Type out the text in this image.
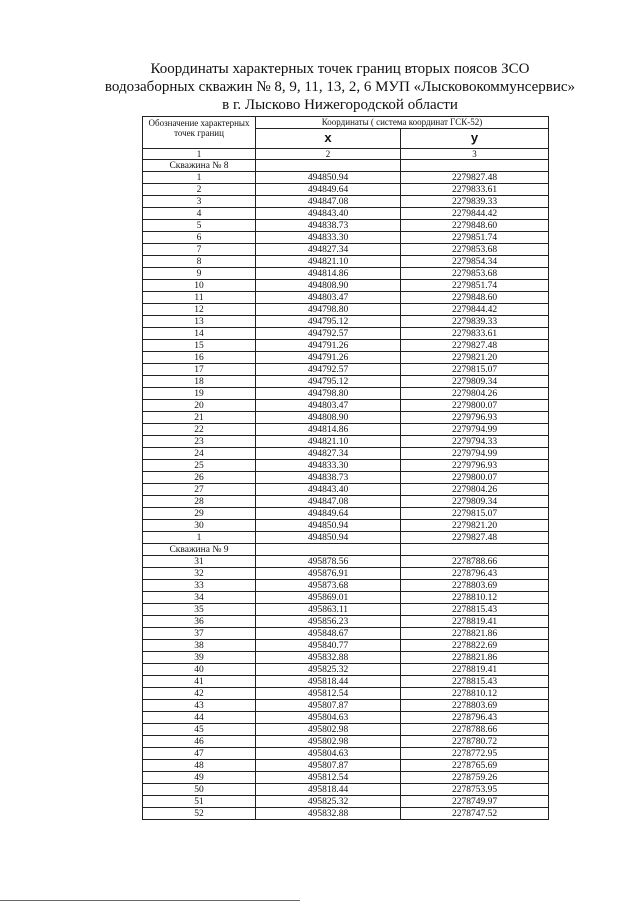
Координаты характерных точек границ вторых поясов ЗСО
водозаборных скважин № 8, 9, 11, 13, 2, 6 МУП «Лысковокоммунсервис»
в г. Лысково Нижегородской области
Обозначение характерных точек границ	Координаты ( система координат ГСК-52)	
	x	y
1	2	3
Скважина № 8		
1	494850.94	2279827.48
2	494849.64	2279833.61
3	494847.08	2279839.33
4	494843.40	2279844.42
5	494838.73	2279848.60
6	494833.30	2279851.74
7	494827.34	2279853.68
8	494821.10	2279854.34
9	494814.86	2279853.68
10	494808.90	2279851.74
11	494803.47	2279848.60
12	494798.80	2279844.42
13	494795.12	2279839.33
14	494792.57	2279833.61
15	494791.26	2279827.48
16	494791.26	2279821.20
17	494792.57	2279815.07
18	494795.12	2279809.34
19	494798.80	2279804.26
20	494803.47	2279800.07
21	494808.90	2279796.93
22	494814.86	2279794.99
23	494821.10	2279794.33
24	494827.34	2279794.99
25	494833.30	2279796.93
26	494838.73	2279800.07
27	494843.40	2279804.26
28	494847.08	2279809.34
29	494849.64	2279815.07
30	494850.94	2279821.20
1	494850.94	2279827.48
Скважина № 9		
31	495878.56	2278788.66
32	495876.91	2278796.43
33	495873.68	2278803.69
34	495869.01	2278810.12
35	495863.11	2278815.43
36	495856.23	2278819.41
37	495848.67	2278821.86
38	495840.77	2278822.69
39	495832.88	2278821.86
40	495825.32	2278819.41
41	495818.44	2278815.43
42	495812.54	2278810.12
43	495807.87	2278803.69
44	495804.63	2278796.43
45	495802.98	2278788.66
46	495802.98	2278780.72
47	495804.63	2278772.95
48	495807.87	2278765.69
49	495812.54	2278759.26
50	495818.44	2278753.95
51	495825.32	2278749.97
52	495832.88	2278747.52
